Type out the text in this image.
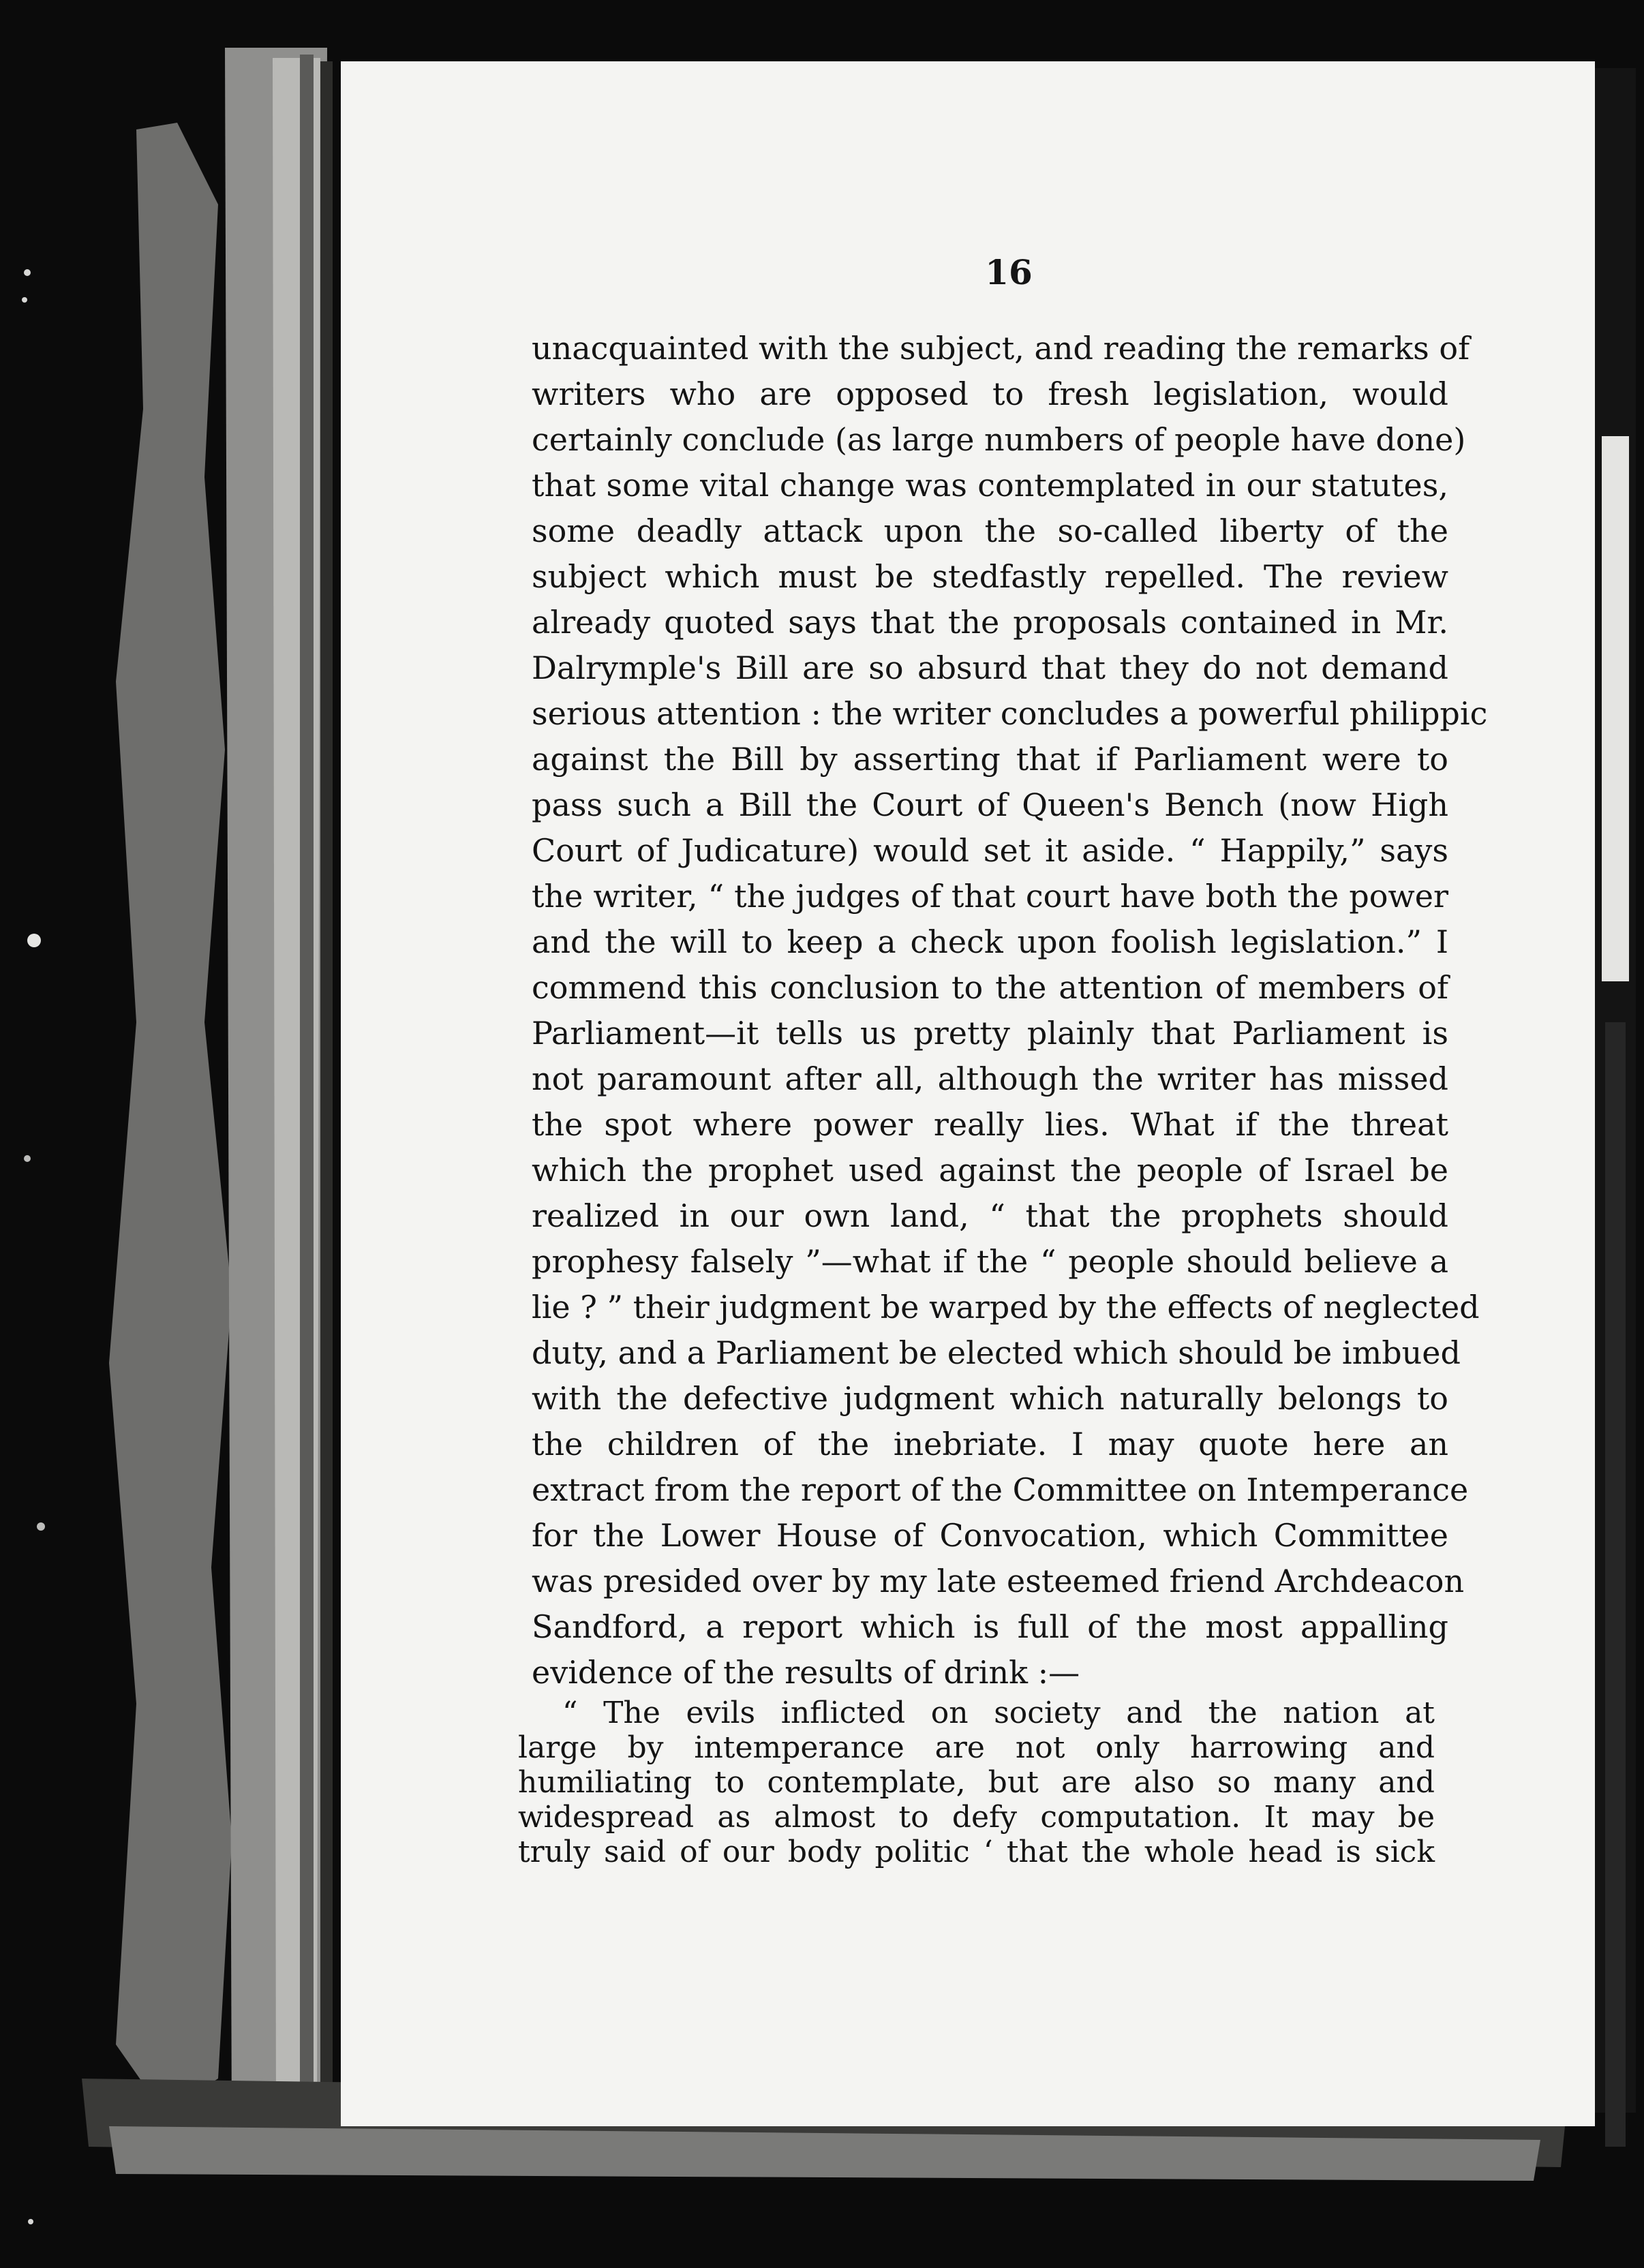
16
unacquainted with the subject, and reading the remarks of
writers who are opposed to fresh legislation, would
certainly conclude (as large numbers of people have done)
that some vital change was contemplated in our statutes,
some deadly attack upon the so-called liberty of the
subject which must be stedfastly repelled. The review
already quoted says that the proposals contained in Mr.
Dalrymple's Bill are so absurd that they do not demand
serious attention : the writer concludes a powerful philippic
against the Bill by asserting that if Parliament were to
pass such a Bill the Court of Queen's Bench (now High
Court of Judicature) would set it aside. “ Happily,” says
the writer, “ the judges of that court have both the power
and the will to keep a check upon foolish legislation.” I
commend this conclusion to the attention of members of
Parliament—it tells us pretty plainly that Parliament is
not paramount after all, although the writer has missed
the spot where power really lies. What if the threat
which the prophet used against the people of Israel be
realized in our own land, “ that the prophets should
prophesy falsely ”—what if the “ people should believe a
lie ? ” their judgment be warped by the effects of neglected
duty, and a Parliament be elected which should be imbued
with the defective judgment which naturally belongs to
the children of the inebriate. I may quote here an
extract from the report of the Committee on Intemperance
for the Lower House of Convocation, which Committee
was presided over by my late esteemed friend Archdeacon
Sandford, a report which is full of the most appalling
evidence of the results of drink :—
“ The evils inflicted on society and the nation at
large by intemperance are not only harrowing and
humiliating to contemplate, but are also so many and
widespread as almost to defy computation. It may be
truly said of our body politic ‘ that the whole head is sick
